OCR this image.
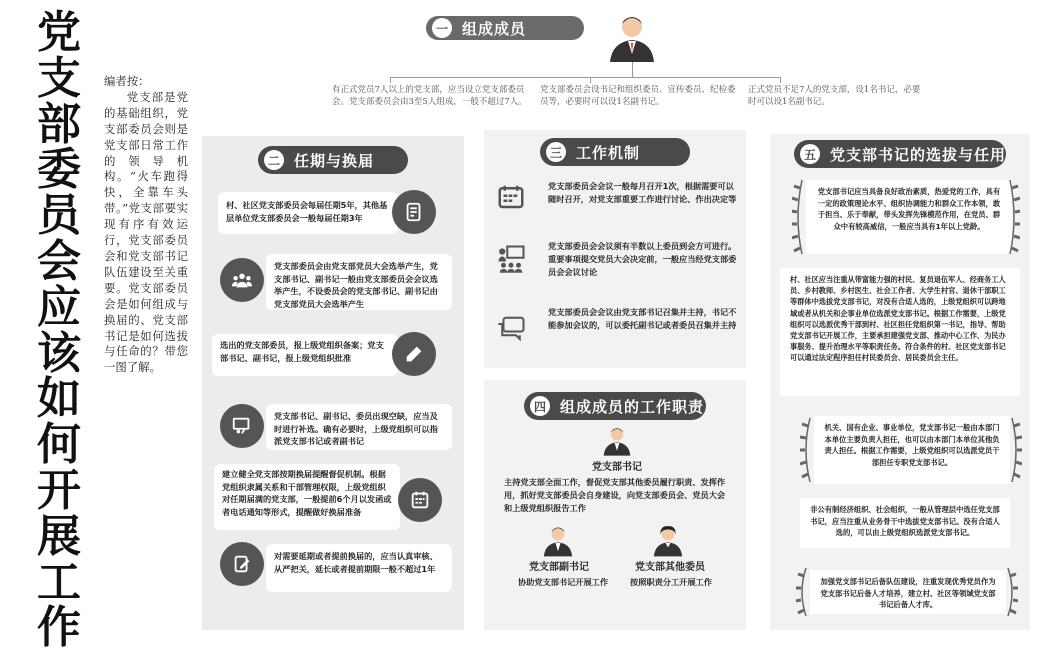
党
支
部
委
员
会
应
该
如
何
开
展
工
作
编者按：
党支部是党的基础组织，党支部委员会则是党支部日常工作的领导机构。“火车跑得快，全靠车头带。”党支部要实现有序有效运行，党支部委员会和党支部书记队伍建设至关重要。党支部委员会是如何组成与换届的、党支部书记是如何选拔与任命的？带您一图了解。
一 组成成员
有正式党员7人以上的党支部，应当设立党支部委员会。党支部委员会由3至5人组成，一般不超过7人。
党支部委员会设书记和组织委员、宣传委员、纪检委员等，必要时可以设1名副书记。
正式党员不足7人的党支部，设1名书记，必要时可以设1名副书记。
二 任期与换届
村、社区党支部委员会每届任期5年，其他基层单位党支部委员会一般每届任期3年
党支部委员会由党支部党员大会选举产生，党支部书记、副书记一般由党支部委员会会议选举产生，不设委员会的党支部书记、副书记由党支部党员大会选举产生
选出的党支部委员，报上级党组织备案；党支部书记、副书记，报上级党组织批准
党支部书记、副书记、委员出现空缺，应当及时进行补选。确有必要时，上级党组织可以指派党支部书记或者副书记
建立健全党支部按期换届提醒督促机制。根据党组织隶属关系和干部管理权限，上级党组织对任期届满的党支部，一般提前6个月以发函或者电话通知等形式，提醒做好换届准备
对需要延期或者提前换届的，应当认真审核、从严把关，延长或者提前期限一般不超过1年
三 工作机制
党支部委员会会议一般每月召开1次，根据需要可以随时召开，对党支部重要工作进行讨论、作出决定等
党支部委员会会议须有半数以上委员到会方可进行。重要事项提交党员大会决定前，一般应当经党支部委员会会议讨论
党支部委员会会议由党支部书记召集并主持，书记不能参加会议的，可以委托副书记或者委员召集并主持
四 组成成员的工作职责
党支部书记
主持党支部全面工作，督促党支部其他委员履行职责、发挥作用，抓好党支部委员会自身建设，向党支部委员会、党员大会和上级党组织报告工作
党支部副书记
协助党支部书记开展工作
党支部其他委员
按照职责分工开展工作
五 党支部书记的选拔与任用
党支部书记应当具备良好政治素质，热爱党的工作，具有一定的政策理论水平、组织协调能力和群众工作本领，敢于担当、乐于奉献，带头发挥先锋模范作用，在党员、群众中有较高威信，一般应当具有1年以上党龄。
村、社区应当注重从带富能力强的村民、复员退伍军人、经商务工人员、乡村教师、乡村医生、社会工作者、大学生村官、退休干部职工等群体中选拔党支部书记，对没有合适人选的，上级党组织可以跨地域或者从机关和企事业单位选派党支部书记。根据工作需要，上级党组织可以选派优秀干部到村、社区担任党组织第一书记，指导、帮助党支部书记开展工作，主要承担建强党支部、推动中心工作、为民办事服务、提升治理水平等职责任务。符合条件的村、社区党支部书记可以通过法定程序担任村民委员会、居民委员会主任。
机关、国有企业、事业单位，党支部书记一般由本部门本单位主要负责人担任，也可以由本部门本单位其他负责人担任。根据工作需要，上级党组织可以选派党员干部担任专职党支部书记。
非公有制经济组织、社会组织，一般从管理层中选任党支部书记，应当注重从业务骨干中选拔党支部书记。没有合适人选的，可以由上级党组织选派党支部书记。
加强党支部书记后备队伍建设，注重发现优秀党员作为党支部书记后备人才培养，建立村、社区等领域党支部书记后备人才库。
